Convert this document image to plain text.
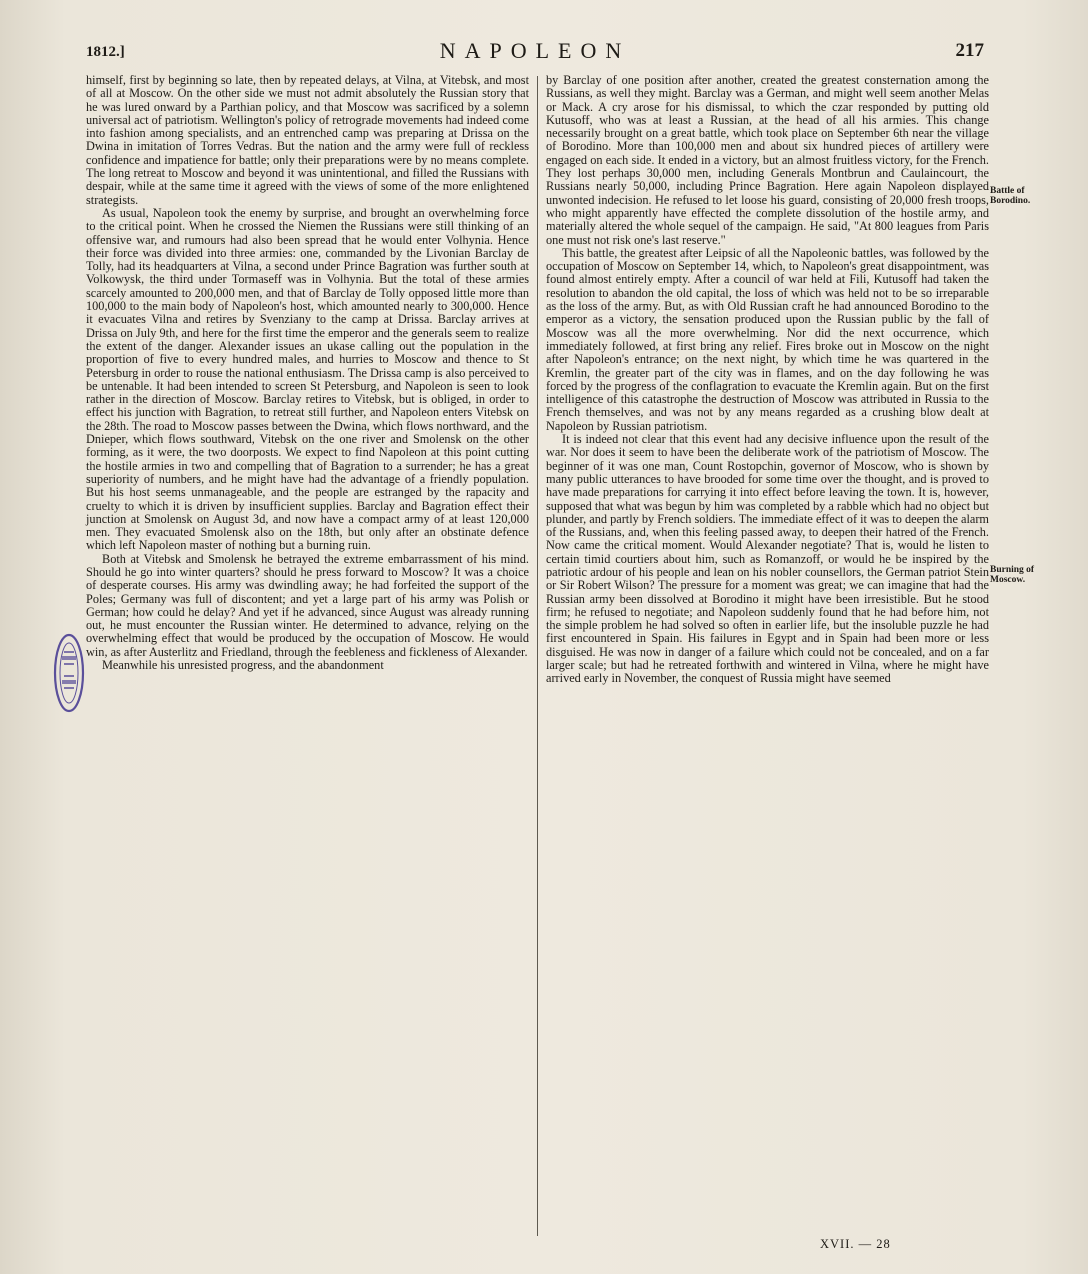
1812.]	NAPOLEON	217

himself, first by beginning so late, then by repeated delays, at Vilna, at Vitebsk, and most of all at Moscow. On the other side we must not admit absolutely the Russian story that he was lured onward by a Parthian policy, and that Moscow was sacrificed by a solemn universal act of patriotism. Wellington's policy of retrograde movements had indeed come into fashion among specialists, and an entrenched camp was preparing at Drissa on the Dwina in imitation of Torres Vedras. But the nation and the army were full of reckless confidence and impatience for battle; only their preparations were by no means complete. The long retreat to Moscow and beyond it was unintentional, and filled the Russians with despair, while at the same time it agreed with the views of some of the more enlightened strategists.

As usual, Napoleon took the enemy by surprise, and brought an overwhelming force to the critical point. When he crossed the Niemen the Russians were still thinking of an offensive war, and rumours had also been spread that he would enter Volhynia. Hence their force was divided into three armies: one, commanded by the Livonian Barclay de Tolly, had its headquarters at Vilna, a second under Prince Bagration was further south at Volkowysk, the third under Tormaseff was in Volhynia. But the total of these armies scarcely amounted to 200,000 men, and that of Barclay de Tolly opposed little more than 100,000 to the main body of Napoleon's host, which amounted nearly to 300,000. Hence it evacuates Vilna and retires by Svenziany to the camp at Drissa. Barclay arrives at Drissa on July 9th, and here for the first time the emperor and the generals seem to realize the extent of the danger. Alexander issues an ukase calling out the population in the proportion of five to every hundred males, and hurries to Moscow and thence to St Petersburg in order to rouse the national enthusiasm. The Drissa camp is also perceived to be untenable. It had been intended to screen St Petersburg, and Napoleon is seen to look rather in the direction of Moscow. Barclay retires to Vitebsk, but is obliged, in order to effect his junction with Bagration, to retreat still further, and Napoleon enters Vitebsk on the 28th. The road to Moscow passes between the Dwina, which flows northward, and the Dnieper, which flows southward, Vitebsk on the one river and Smolensk on the other forming, as it were, the two doorposts. We expect to find Napoleon at this point cutting the hostile armies in two and compelling that of Bagration to a surrender; he has a great superiority of numbers, and he might have had the advantage of a friendly population. But his host seems unmanageable, and the people are estranged by the rapacity and cruelty to which it is driven by insufficient supplies. Barclay and Bagration effect their junction at Smolensk on August 3d, and now have a compact army of at least 120,000 men. They evacuated Smolensk also on the 18th, but only after an obstinate defence which left Napoleon master of nothing but a burning ruin.

Both at Vitebsk and Smolensk he betrayed the extreme embarrassment of his mind. Should he go into winter quarters? should he press forward to Moscow? It was a choice of desperate courses. His army was dwindling away; he had forfeited the support of the Poles; Germany was full of discontent; and yet a large part of his army was Polish or German; how could he delay? And yet if he advanced, since August was already running out, he must encounter the Russian winter. He determined to advance, relying on the overwhelming effect that would be produced by the occupation of Moscow. He would win, as after Austerlitz and Friedland, through the feebleness and fickleness of Alexander.

Meanwhile his unresisted progress, and the abandonment

by Barclay of one position after another, created the greatest consternation among the Russians, as well they might. Barclay was a German, and might well seem another Melas or Mack. A cry arose for his dismissal, to which the czar responded by putting old Kutusoff, who was at least a Russian, at the head of all his armies. This change necessarily brought on a great battle, which took place on September 6th near the village of Borodino. More than 100,000 men and about six hundred pieces of artillery were engaged on each side. It ended in a victory, but an almost fruitless victory, for the French. They lost perhaps 30,000 men, including Generals Montbrun and Caulaincourt, the Russians nearly 50,000, including Prince Bagration. Here again Napoleon displayed unwonted indecision. He refused to let loose his guard, consisting of 20,000 fresh troops, who might apparently have effected the complete dissolution of the hostile army, and materially altered the whole sequel of the campaign. He said, "At 800 leagues from Paris one must not risk one's last reserve."

This battle, the greatest after Leipsic of all the Napoleonic battles, was followed by the occupation of Moscow on September 14, which, to Napoleon's great disappointment, was found almost entirely empty. After a council of war held at Fili, Kutusoff had taken the resolution to abandon the old capital, the loss of which was held not to be so irreparable as the loss of the army. But, as with Old Russian craft he had announced Borodino to the emperor as a victory, the sensation produced upon the Russian public by the fall of Moscow was all the more overwhelming. Nor did the next occurrence, which immediately followed, at first bring any relief. Fires broke out in Moscow on the night after Napoleon's entrance; on the next night, by which time he was quartered in the Kremlin, the greater part of the city was in flames, and on the day following he was forced by the progress of the conflagration to evacuate the Kremlin again. But on the first intelligence of this catastrophe the destruction of Moscow was attributed in Russia to the French themselves, and was not by any means regarded as a crushing blow dealt at Napoleon by Russian patriotism.

It is indeed not clear that this event had any decisive influence upon the result of the war. Nor does it seem to have been the deliberate work of the patriotism of Moscow. The beginner of it was one man, Count Rostopchin, governor of Moscow, who is shown by many public utterances to have brooded for some time over the thought, and is proved to have made preparations for carrying it into effect before leaving the town. It is, however, supposed that what was begun by him was completed by a rabble which had no object but plunder, and partly by French soldiers. The immediate effect of it was to deepen the alarm of the Russians, and, when this feeling passed away, to deepen their hatred of the French. Now came the critical moment. Would Alexander negotiate? That is, would he listen to certain timid courtiers about him, such as Romanzoff, or would he be inspired by the patriotic ardour of his people and lean on his nobler counsellors, the German patriot Stein or Sir Robert Wilson? The pressure for a moment was great; we can imagine that had the Russian army been dissolved at Borodino it might have been irresistible. But he stood firm; he refused to negotiate; and Napoleon suddenly found that he had before him, not the simple problem he had solved so often in earlier life, but the insoluble puzzle he had first encountered in Spain. His failures in Egypt and in Spain had been more or less disguised. He was now in danger of a failure which could not be concealed, and on a far larger scale; but had he retreated forthwith and wintered in Vilna, where he might have arrived early in November, the conquest of Russia might have seemed

Battle of Borodino.
Burning of Moscow.
XVII. — 28
